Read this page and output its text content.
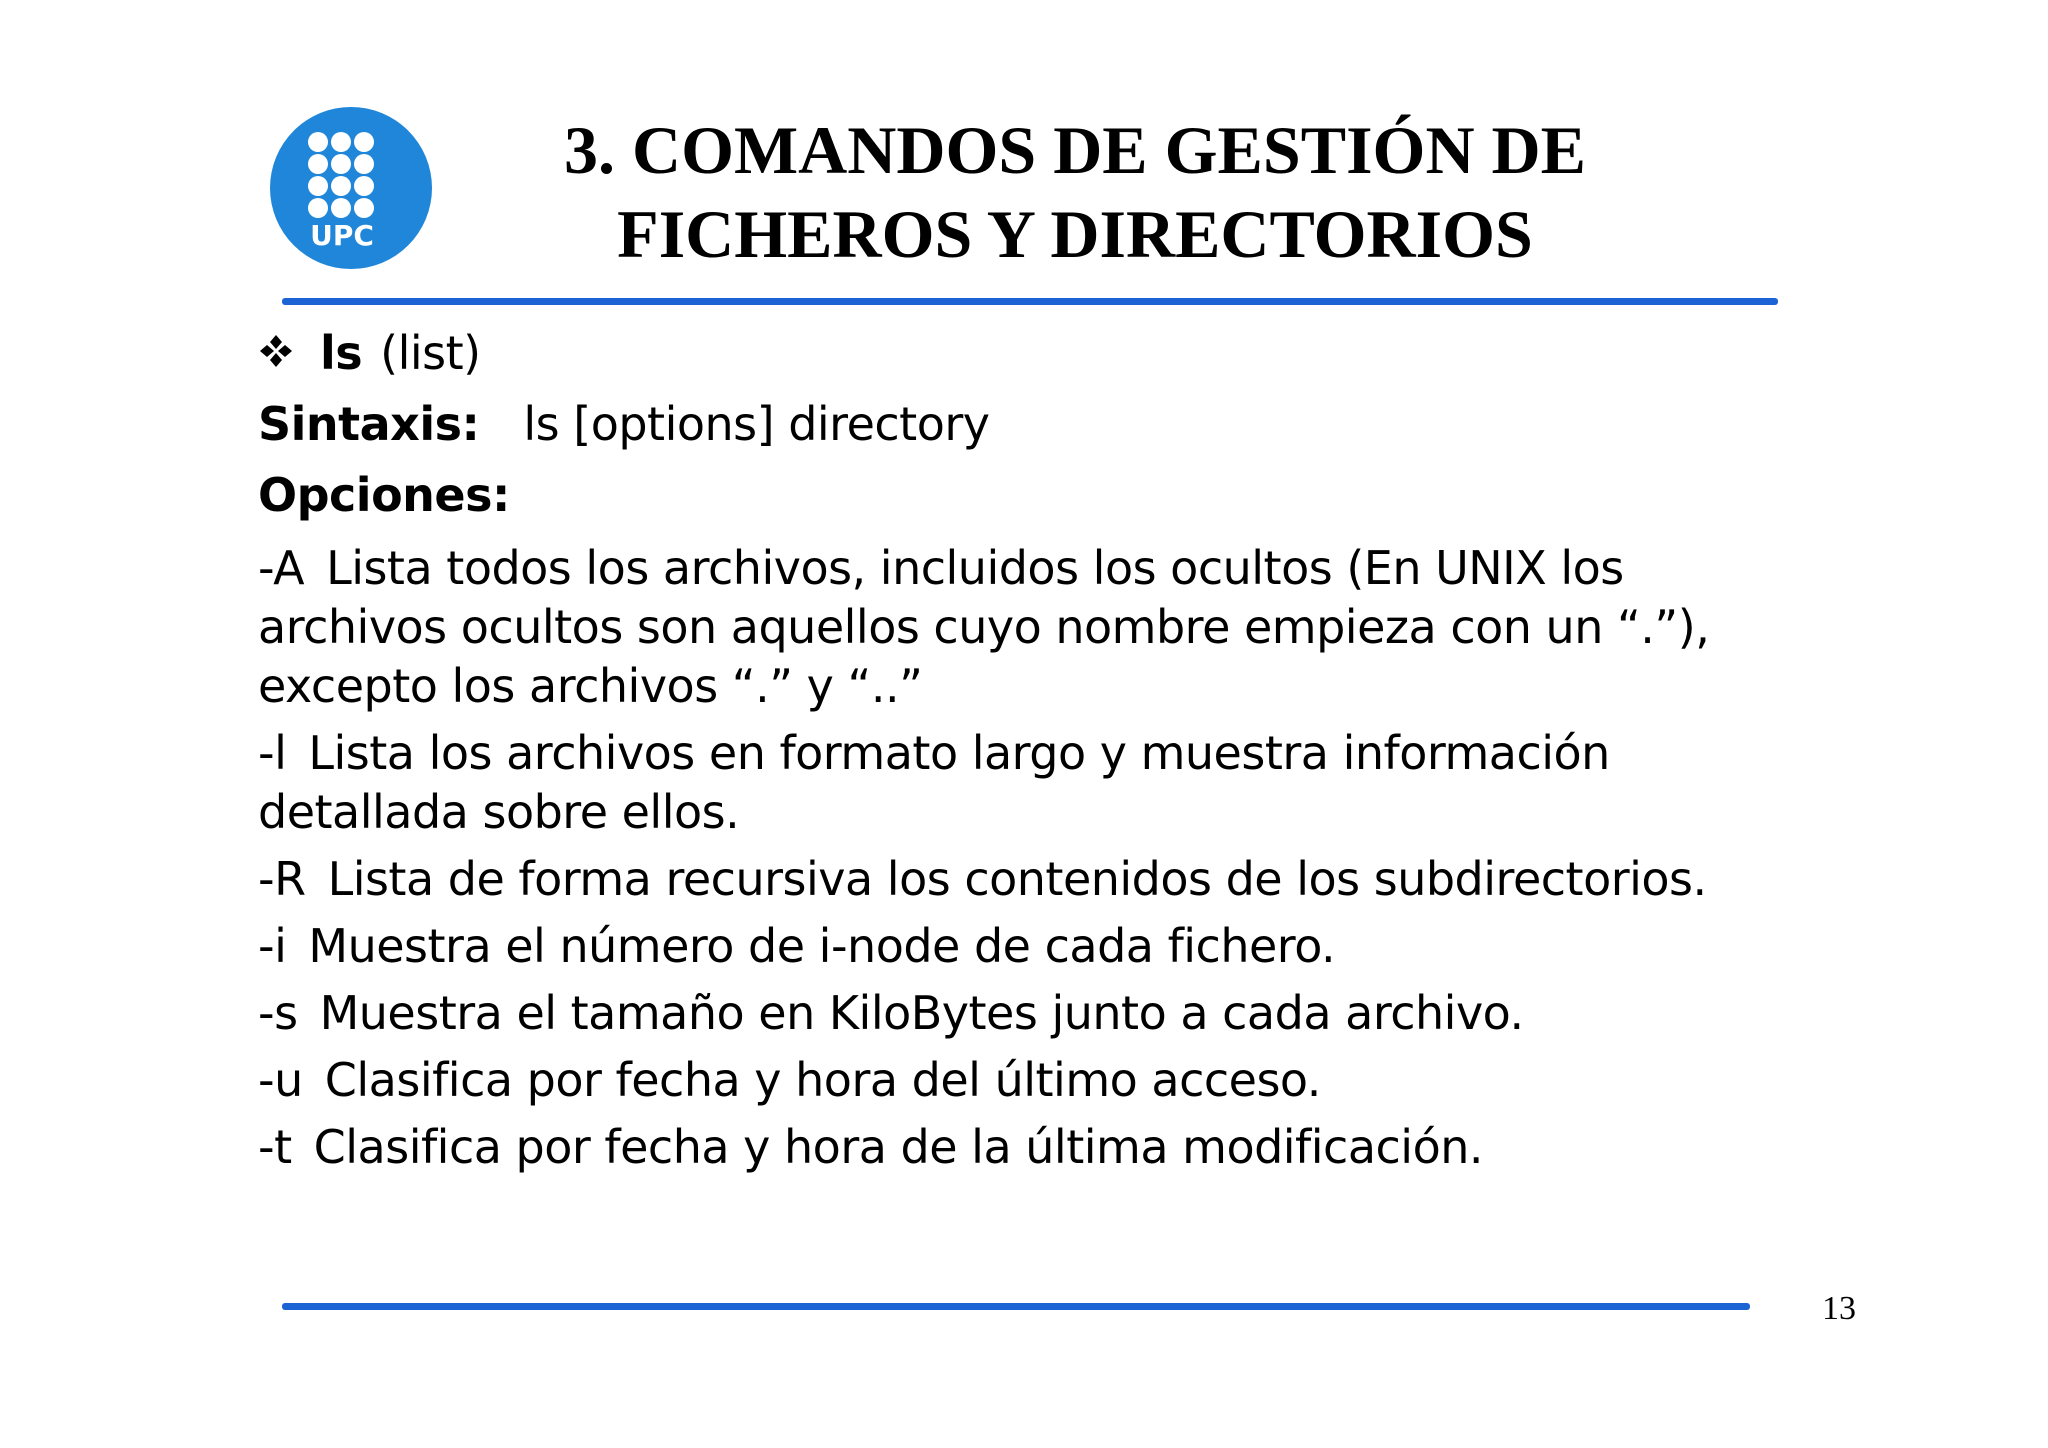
UPC
3. COMANDOS DE GESTIÓN DE
FICHEROS Y DIRECTORIOS
ls (list)
Sintaxis: ls [options] directory
Opciones:
-A Lista todos los archivos, incluidos los ocultos (En UNIX los
archivos ocultos son aquellos cuyo nombre empieza con un “.”),
excepto los archivos “.” y “..”
-l Lista los archivos en formato largo y muestra información
detallada sobre ellos.
-R Lista de forma recursiva los contenidos de los subdirectorios.
-i Muestra el número de i-node de cada fichero.
-s Muestra el tamaño en KiloBytes junto a cada archivo.
-u Clasifica por fecha y hora del último acceso.
-t Clasifica por fecha y hora de la última modificación.
13
